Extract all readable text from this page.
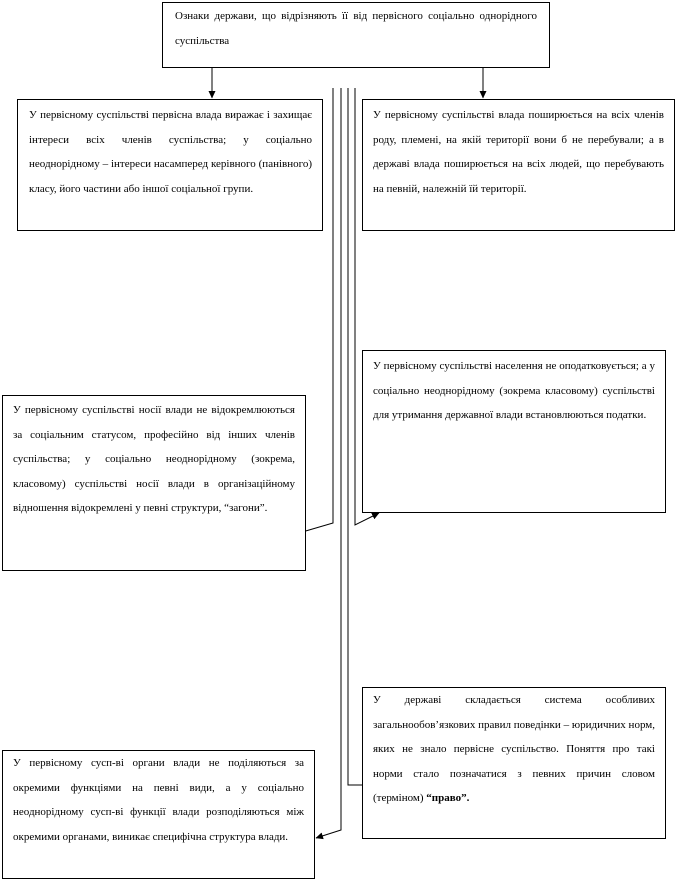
Ознаки держави, що відрізняють її від первісного соціально однорідного суспільства

У первісному суспільстві первісна влада виражає і захищає інтереси всіх членів суспільства; у соціально неоднорідному – інтереси насамперед керівного (панівного) класу, його частини або іншої соціальної групи.

У первісному суспільстві влада поширюється на всіх членів роду, племені, на якій території вони б не перебували; а в державі влада поширюється на всіх людей, що перебувають на певній, належній їй території.

У первісному суспільстві населення не оподатковується; а у соціально неоднорідному (зокрема класовому) суспільстві для утримання державної влади встановлюються податки.

У первісному суспільстві носії влади не відокремлюються за соціальним статусом, професійно від інших членів суспільства; у соціально неоднорідному (зокрема, класовому) суспільстві носії влади в організаційному відношення відокремлені у певні структури, “загони”.

У державі складається система особливих загальнообов’язкових правил поведінки – юридичних норм, яких не знало первісне суспільство. Поняття про такі норми стало позначатися з певних причин словом (терміном) “право”.

У первісному сусп-ві органи влади не поділяються за окремими функціями на певні види, а у соціально неоднорідному сусп-ві функції влади розподіляються між окремими органами, виникає специфічна структура влади.
